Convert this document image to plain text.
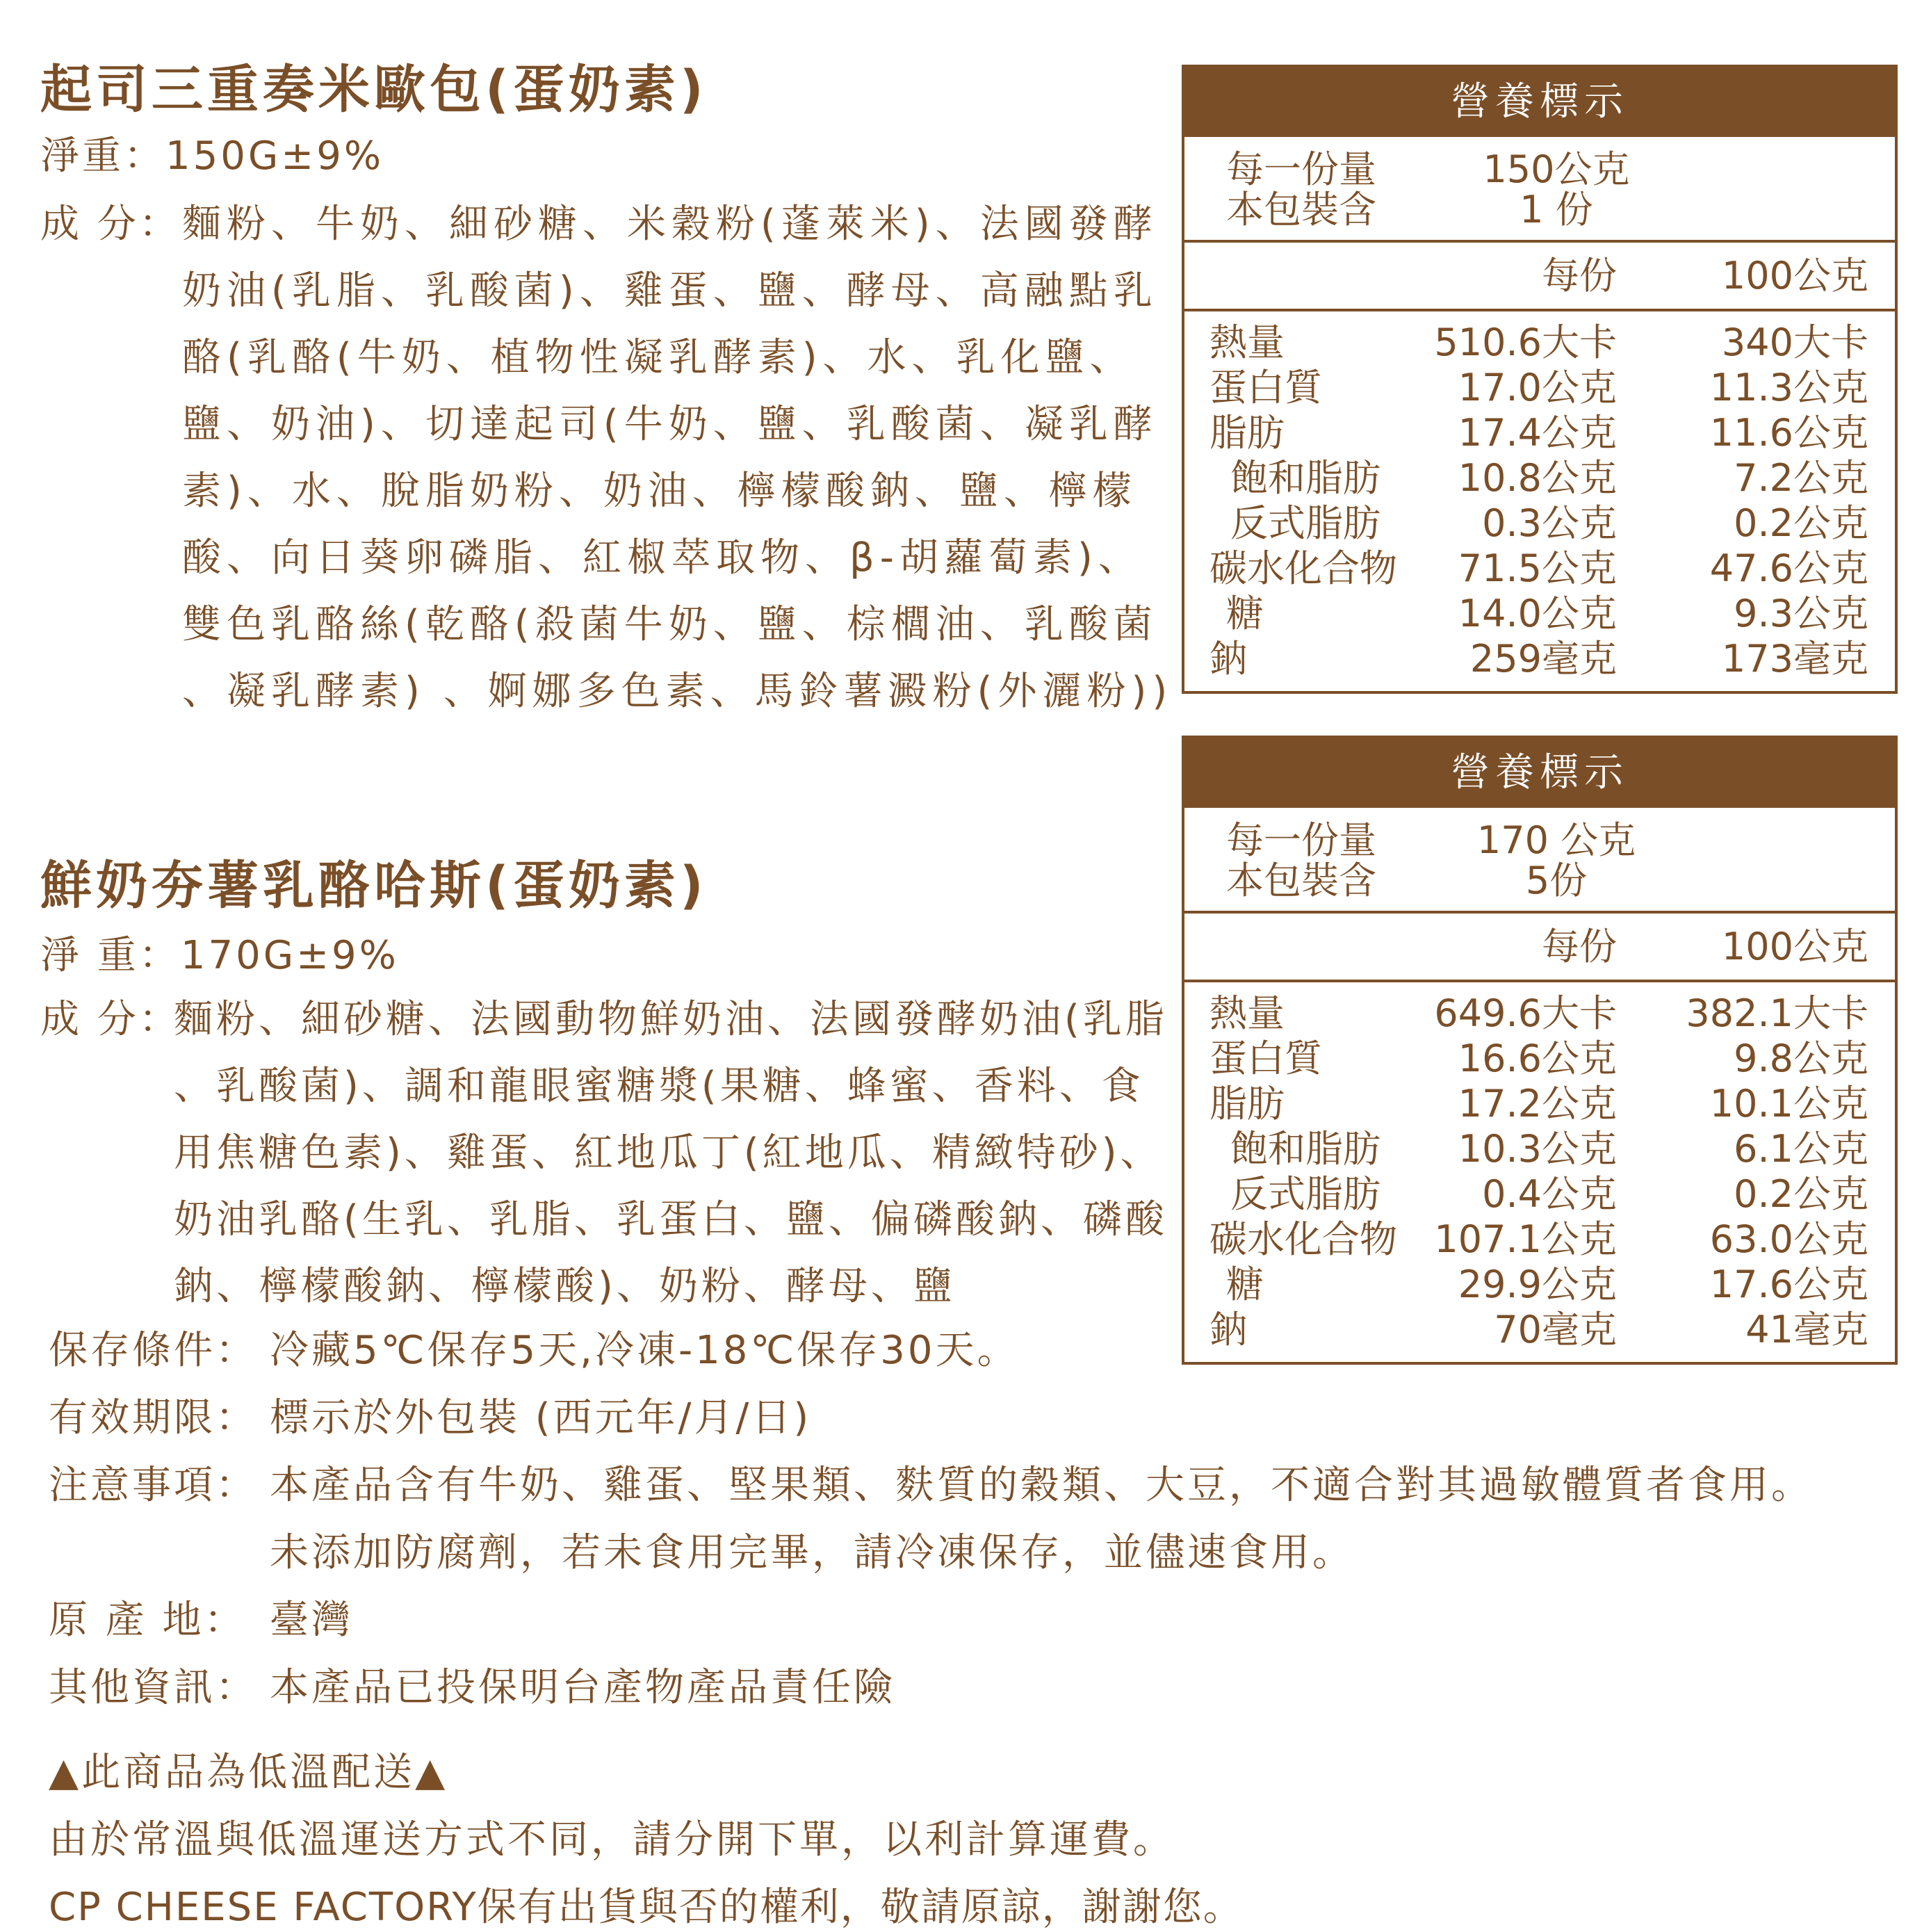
起司三重奏米歐包(蛋奶素)
淨重：150G±9%
成 分： 麵粉、牛奶、細砂糖、米穀粉(蓬萊米)、法國發酵
奶油(乳脂、乳酸菌)、雞蛋、鹽、酵母、高融點乳
酪(乳酪(牛奶、植物性凝乳酵素)、水、乳化鹽、
鹽、奶油)、切達起司(牛奶、鹽、乳酸菌、凝乳酵
素)、水、脫脂奶粉、奶油、檸檬酸鈉、鹽、檸檬
酸、向日葵卵磷脂、紅椒萃取物、β-胡蘿蔔素)、
雙色乳酪絲(乾酪(殺菌牛奶、鹽、棕櫚油、乳酸菌
、凝乳酵素) 、婀娜多色素、馬鈴薯澱粉(外灑粉))
鮮奶夯薯乳酪哈斯(蛋奶素)
淨 重：170G±9%
成 分：
麵粉、細砂糖、法國動物鮮奶油、法國發酵奶油(乳脂
、乳酸菌)、調和龍眼蜜糖漿(果糖、蜂蜜、香料、食
用焦糖色素)、雞蛋、紅地瓜丁(紅地瓜、精緻特砂)、
奶油乳酪(生乳、乳脂、乳蛋白、鹽、偏磷酸鈉、磷酸
鈉、檸檬酸鈉、檸檬酸)、奶粉、酵母、鹽
保存條件： 冷藏5℃保存5天,冷凍-18℃保存30天。
有效期限： 標示於外包裝 (西元年/月/日)
注意事項： 本產品含有牛奶、雞蛋、堅果類、麩質的穀類、大豆，不適合對其過敏體質者食用。
未添加防腐劑，若未食用完畢，請冷凍保存，並儘速食用。
原 產 地： 臺灣
其他資訊： 本產品已投保明台產物產品責任險
▲此商品為低溫配送▲
由於常溫與低溫運送方式不同，請分開下單，以利計算運費。
CP CHEESE FACTORY保有出貨與否的權利，敬請原諒，謝謝您。
營養標示
每一份量	150公克
本包裝含	1 份
每份	100公克
熱量	510.6大卡	340大卡
蛋白質	17.0公克 11.3公克
脂肪	17.4公克 11.6公克
飽和脂肪 10.8公克	7.2公克
反式脂肪	0.3公克	0.2公克
碳水化合物 71.5公克 47.6公克
糖	14.0公克	9.3公克
鈉	259毫克	173毫克
營養標示
每一份量	170 公克
本包裝含	5份
每份	100公克
熱量	649.6大卡 382.1大卡
蛋白質	16.6公克	9.8公克
脂肪	17.2公克 10.1公克
飽和脂肪 10.3公克	6.1公克
反式脂肪	0.4公克	0.2公克
碳水化合物 107.1公克 63.0公克
糖	29.9公克 17.6公克
鈉	70毫克	41毫克
